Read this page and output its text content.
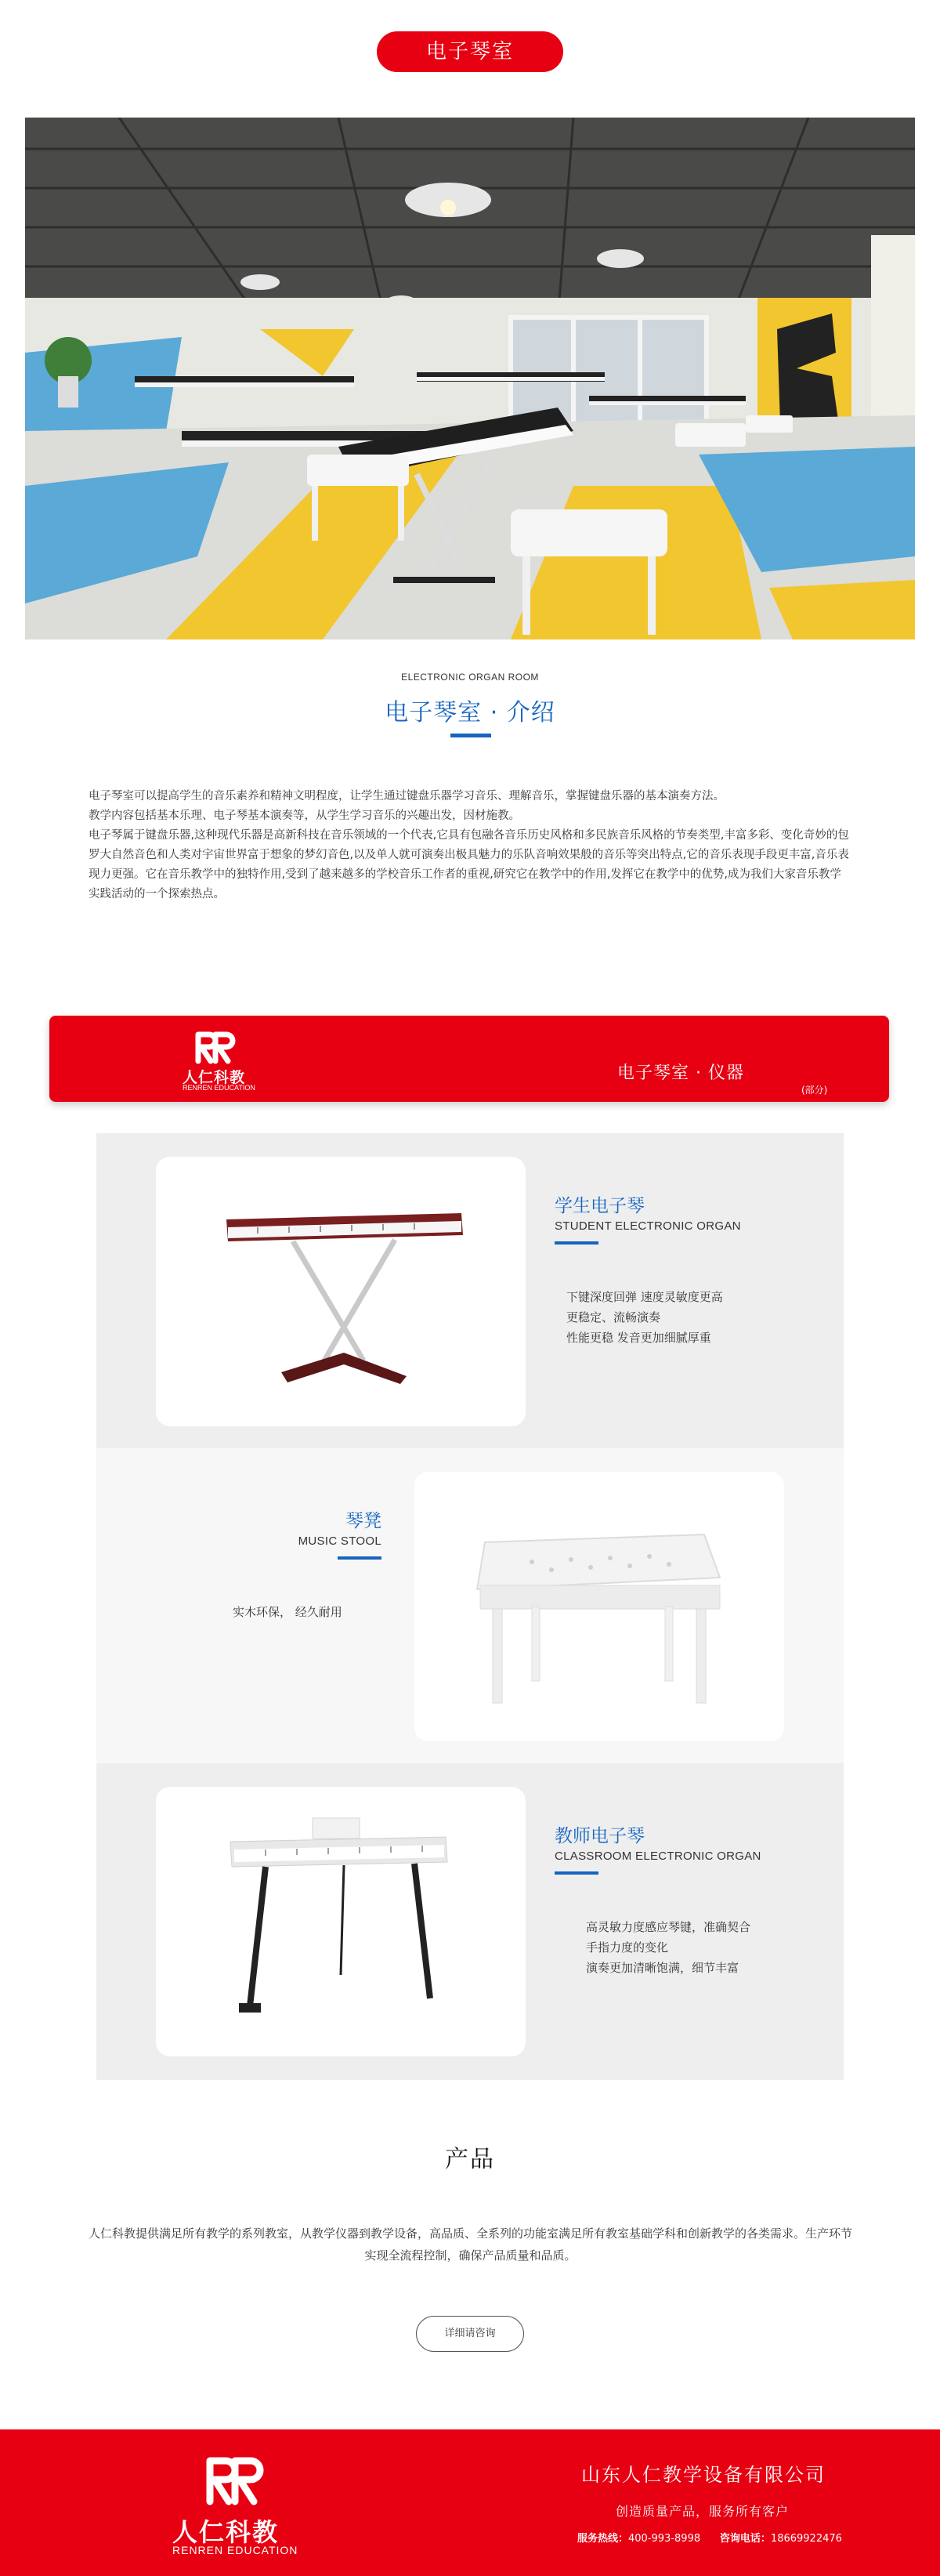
电子琴室
ELECTRONIC ORGAN ROOM
电子琴室 · 介绍

电子琴室可以提高学生的音乐素养和精神文明程度，让学生通过键盘乐器学习音乐、理解音乐，掌握键盘乐器的基本演奏方法。

教学内容包括基本乐理、电子琴基本演奏等，从学生学习音乐的兴趣出发，因材施教。

电子琴属于键盘乐器,这种现代乐器是高新科技在音乐领域的一个代表,它具有包融各音乐历史风格和多民族音乐风格的节奏类型,丰富多彩、变化奇妙的包罗大自然音色和人类对宇宙世界富于想象的梦幻音色,以及单人就可演奏出极具魅力的乐队音响效果般的音乐等突出特点,它的音乐表现手段更丰富,音乐表现力更强。它在音乐教学中的独特作用,受到了越来越多的学校音乐工作者的重视,研究它在教学中的作用,发挥它在教学中的优势,成为我们大家音乐教学实践活动的一个探索热点。

人仁科教
RENREN EDUCATION
电子琴室 · 仪器
(部分)
学生电子琴
STUDENT ELECTRONIC ORGAN
下键深度回弹 速度灵敏度更高
更稳定、流畅演奏
性能更稳 发音更加细腻厚重
琴凳
MUSIC STOOL
实木环保， 经久耐用
教师电子琴
CLASSROOM ELECTRONIC ORGAN
高灵敏力度感应琴键，准确契合
手指力度的变化
演奏更加清晰饱满，细节丰富
产品
人仁科教提供满足所有教学的系列教室，从教学仪器到教学设备，高品质、全系列的功能室满足所有教室基础学科和创新教学的各类需求。生产环节实现全流程控制，确保产品质量和品质。
详细请咨询
人仁科教
RENREN EDUCATION
山东人仁教学设备有限公司
创造质量产品，服务所有客户
服务热线：400-993-8998 咨询电话：18669922476
